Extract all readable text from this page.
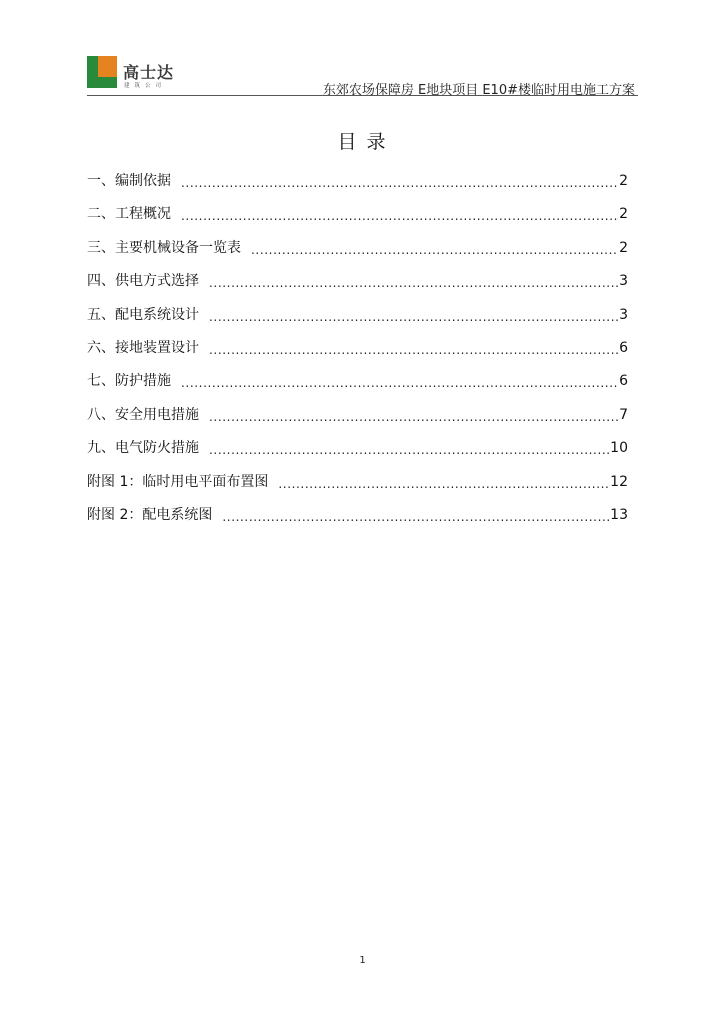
高士达
建筑公司	东郊农场保障房 E地块项目 E10#楼临时用电施工方案
目 录
一、编制依据 .....	2
二、工程概况 .....	2
三、主要机械设备一览表 .....	2
四、供电方式选择 .....	3
五、配电系统设计 .....	3
六、接地装置设计 .....	6
七、防护措施 .....	6
八、安全用电措施 .....	7
九、电气防火措施 .....	10
附图 1：临时用电平面布置图 .....	12
附图 2：配电系统图 .....	13
1
